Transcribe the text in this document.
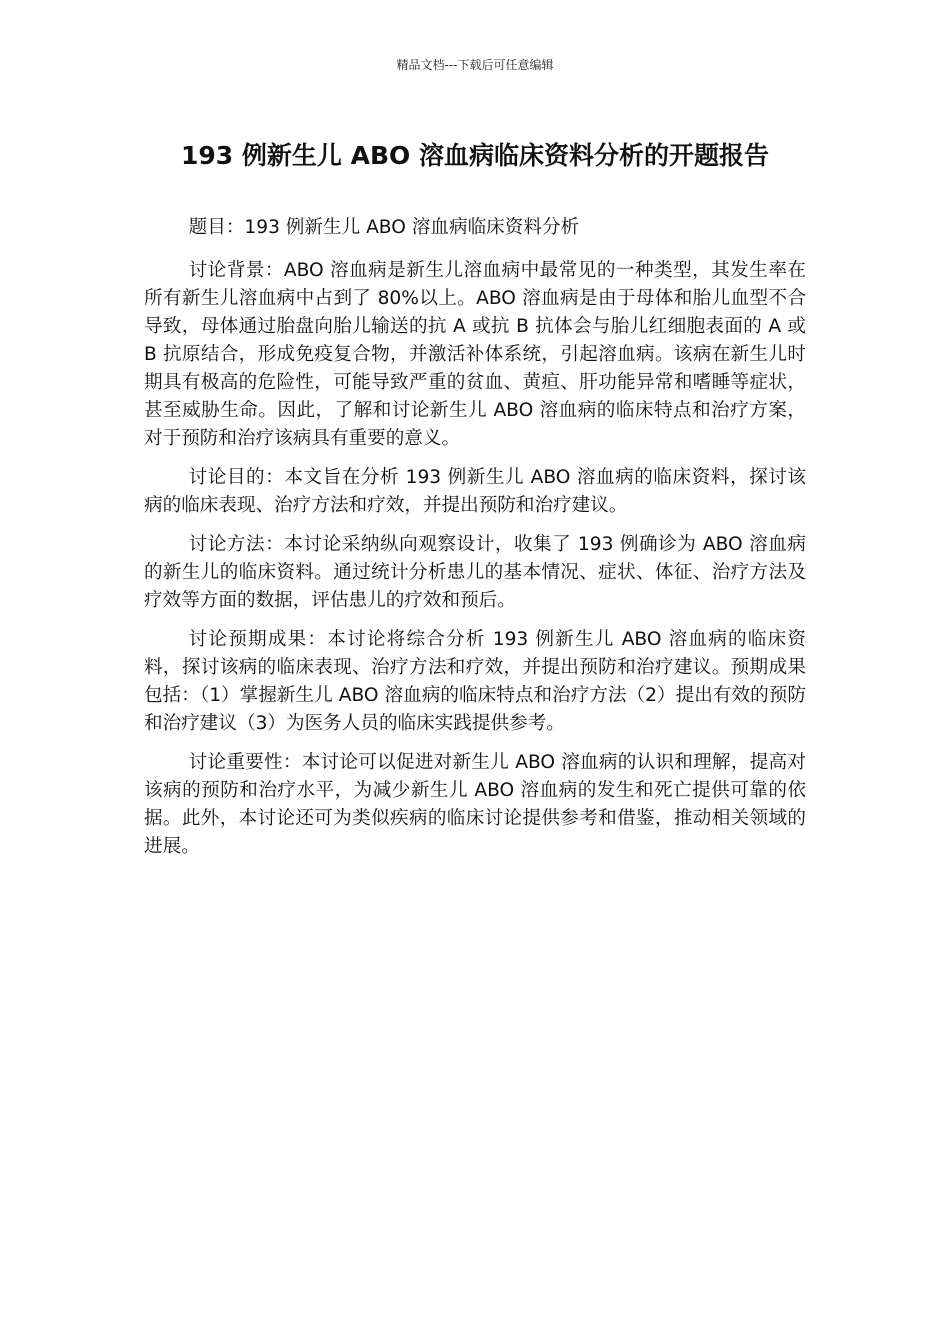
精品文档---下载后可任意编辑
193 例新生儿 ABO 溶血病临床资料分析的开题报告

题目：193 例新生儿 ABO 溶血病临床资料分析

讨论背景：ABO 溶血病是新生儿溶血病中最常见的一种类型，其发生率在所有新生儿溶血病中占到了 80%以上。ABO 溶血病是由于母体和胎儿血型不合导致，母体通过胎盘向胎儿输送的抗 A 或抗 B 抗体会与胎儿红细胞表面的 A 或 B 抗原结合，形成免疫复合物，并激活补体系统，引起溶血病。该病在新生儿时期具有极高的危险性，可能导致严重的贫血、黄疸、肝功能异常和嗜睡等症状，甚至威胁生命。因此，了解和讨论新生儿 ABO 溶血病的临床特点和治疗方案，对于预防和治疗该病具有重要的意义。

讨论目的：本文旨在分析 193 例新生儿 ABO 溶血病的临床资料，探讨该病的临床表现、治疗方法和疗效，并提出预防和治疗建议。

讨论方法：本讨论采纳纵向观察设计，收集了 193 例确诊为 ABO 溶血病的新生儿的临床资料。通过统计分析患儿的基本情况、症状、体征、治疗方法及疗效等方面的数据，评估患儿的疗效和预后。

讨论预期成果：本讨论将综合分析 193 例新生儿 ABO 溶血病的临床资料，探讨该病的临床表现、治疗方法和疗效，并提出预防和治疗建议。预期成果包括：（1）掌握新生儿 ABO 溶血病的临床特点和治疗方法（2）提出有效的预防和治疗建议（3）为医务人员的临床实践提供参考。

讨论重要性：本讨论可以促进对新生儿 ABO 溶血病的认识和理解，提高对该病的预防和治疗水平，为减少新生儿 ABO 溶血病的发生和死亡提供可靠的依据。此外，本讨论还可为类似疾病的临床讨论提供参考和借鉴，推动相关领域的进展。
